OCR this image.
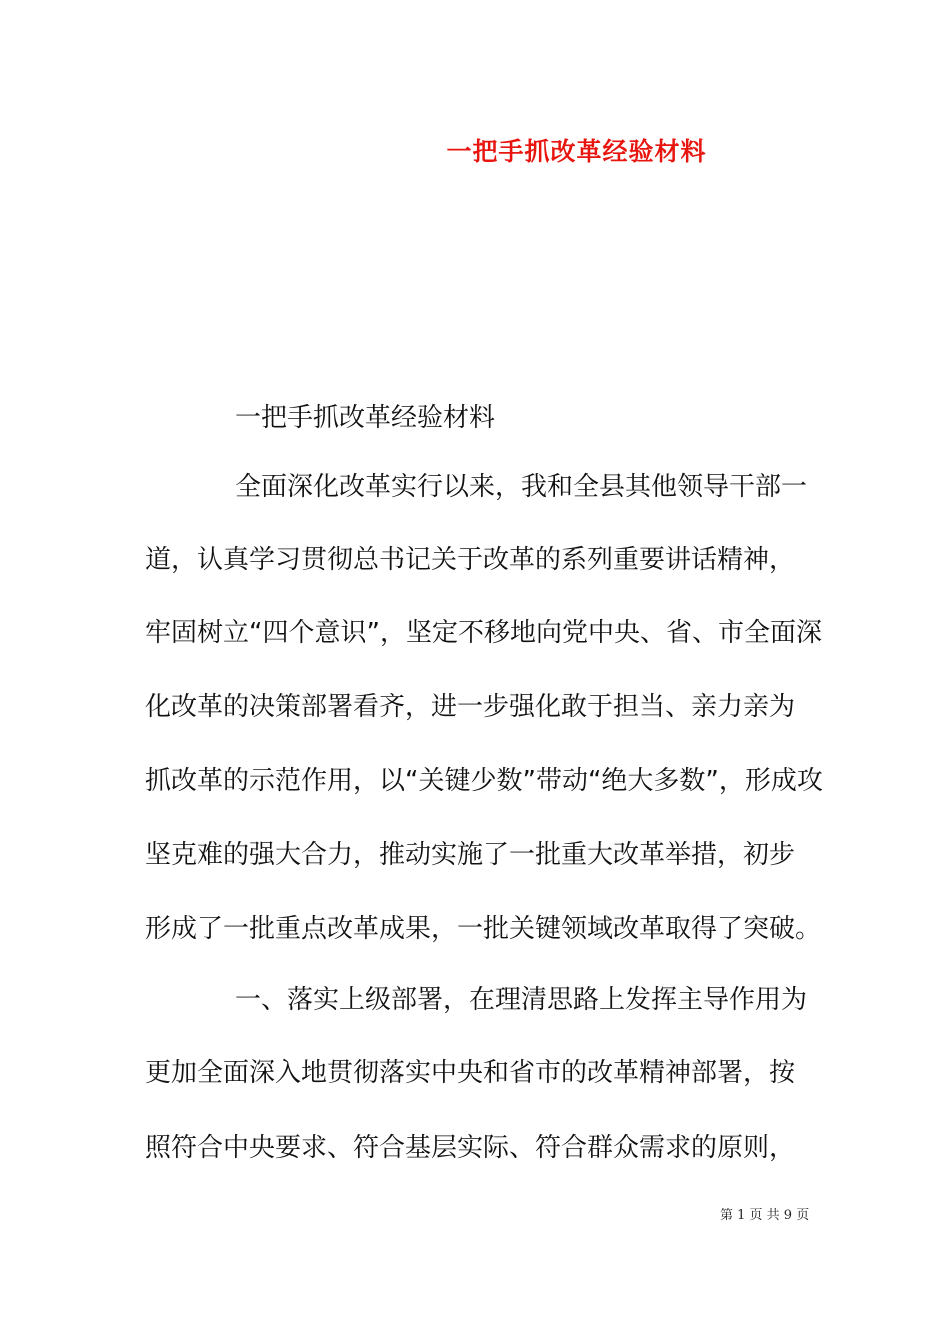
一把手抓改革经验材料
一把手抓改革经验材料
全面深化改革实行以来，我和全县其他领导干部一
道，认真学习贯彻总书记关于改革的系列重要讲话精神，
牢固树立“四个意识”，坚定不移地向党中央、省、市全面深
化改革的决策部署看齐，进一步强化敢于担当、亲力亲为
抓改革的示范作用，以“关键少数”带动“绝大多数”，形成攻
坚克难的强大合力，推动实施了一批重大改革举措，初步
形成了一批重点改革成果，一批关键领域改革取得了突破。
一、落实上级部署，在理清思路上发挥主导作用为
更加全面深入地贯彻落实中央和省市的改革精神部署，按
照符合中央要求、符合基层实际、符合群众需求的原则，
第 1 页 共 9 页
